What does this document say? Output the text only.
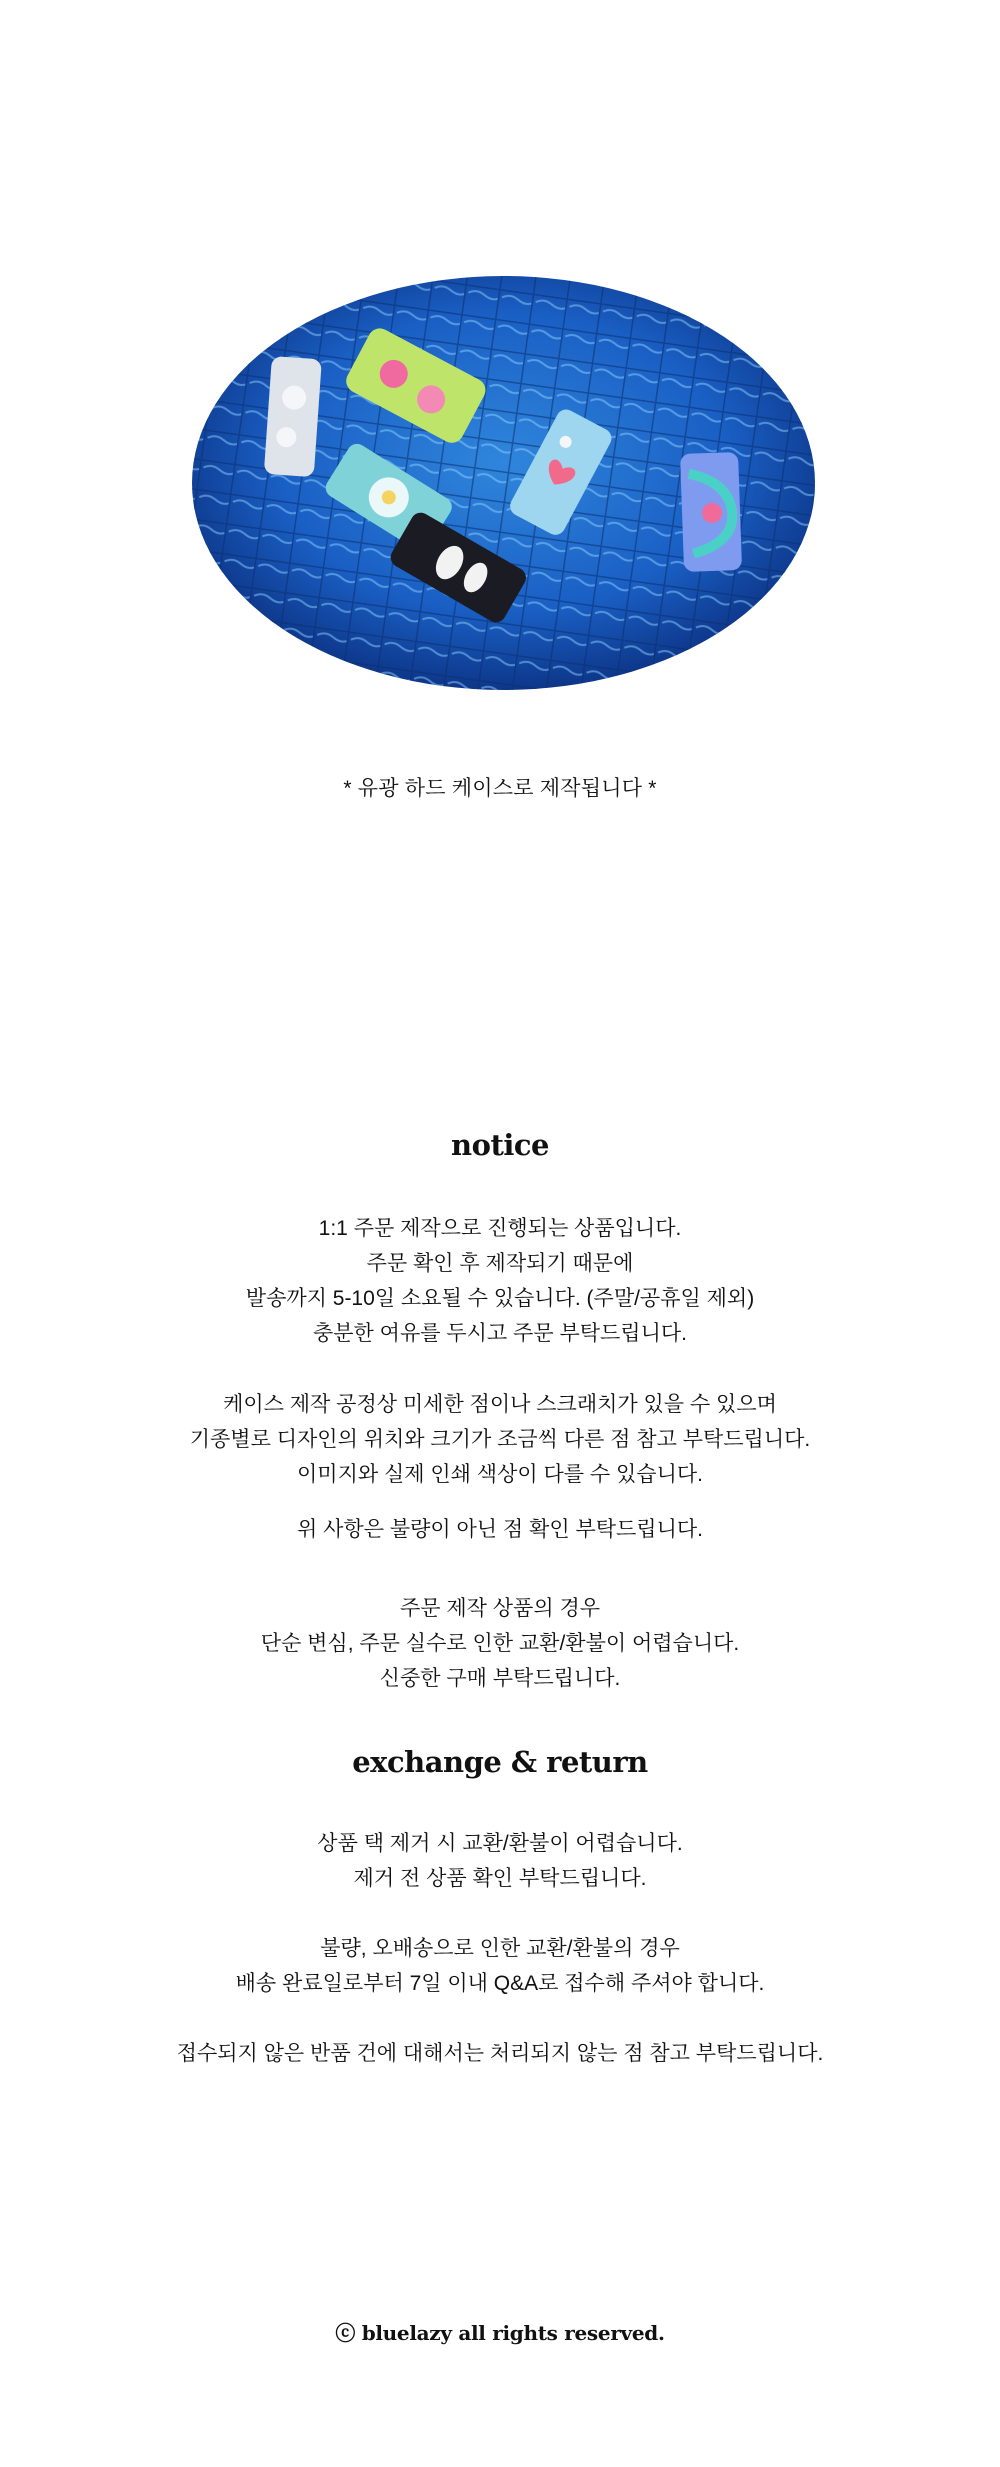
* 유광 하드 케이스로 제작됩니다 *
notice
1:1 주문 제작으로 진행되는 상품입니다.
주문 확인 후 제작되기 때문에
발송까지 5-10일 소요될 수 있습니다. (주말/공휴일 제외)
충분한 여유를 두시고 주문 부탁드립니다.
케이스 제작 공정상 미세한 점이나 스크래치가 있을 수 있으며
기종별로 디자인의 위치와 크기가 조금씩 다른 점 참고 부탁드립니다.
이미지와 실제 인쇄 색상이 다를 수 있습니다.
위 사항은 불량이 아닌 점 확인 부탁드립니다.
주문 제작 상품의 경우
단순 변심, 주문 실수로 인한 교환/환불이 어렵습니다.
신중한 구매 부탁드립니다.
exchange & return
상품 택 제거 시 교환/환불이 어렵습니다.
제거 전 상품 확인 부탁드립니다.
불량, 오배송으로 인한 교환/환불의 경우
배송 완료일로부터 7일 이내 Q&A로 접수해 주셔야 합니다.
접수되지 않은 반품 건에 대해서는 처리되지 않는 점 참고 부탁드립니다.
ⓒ bluelazy all rights reserved.
